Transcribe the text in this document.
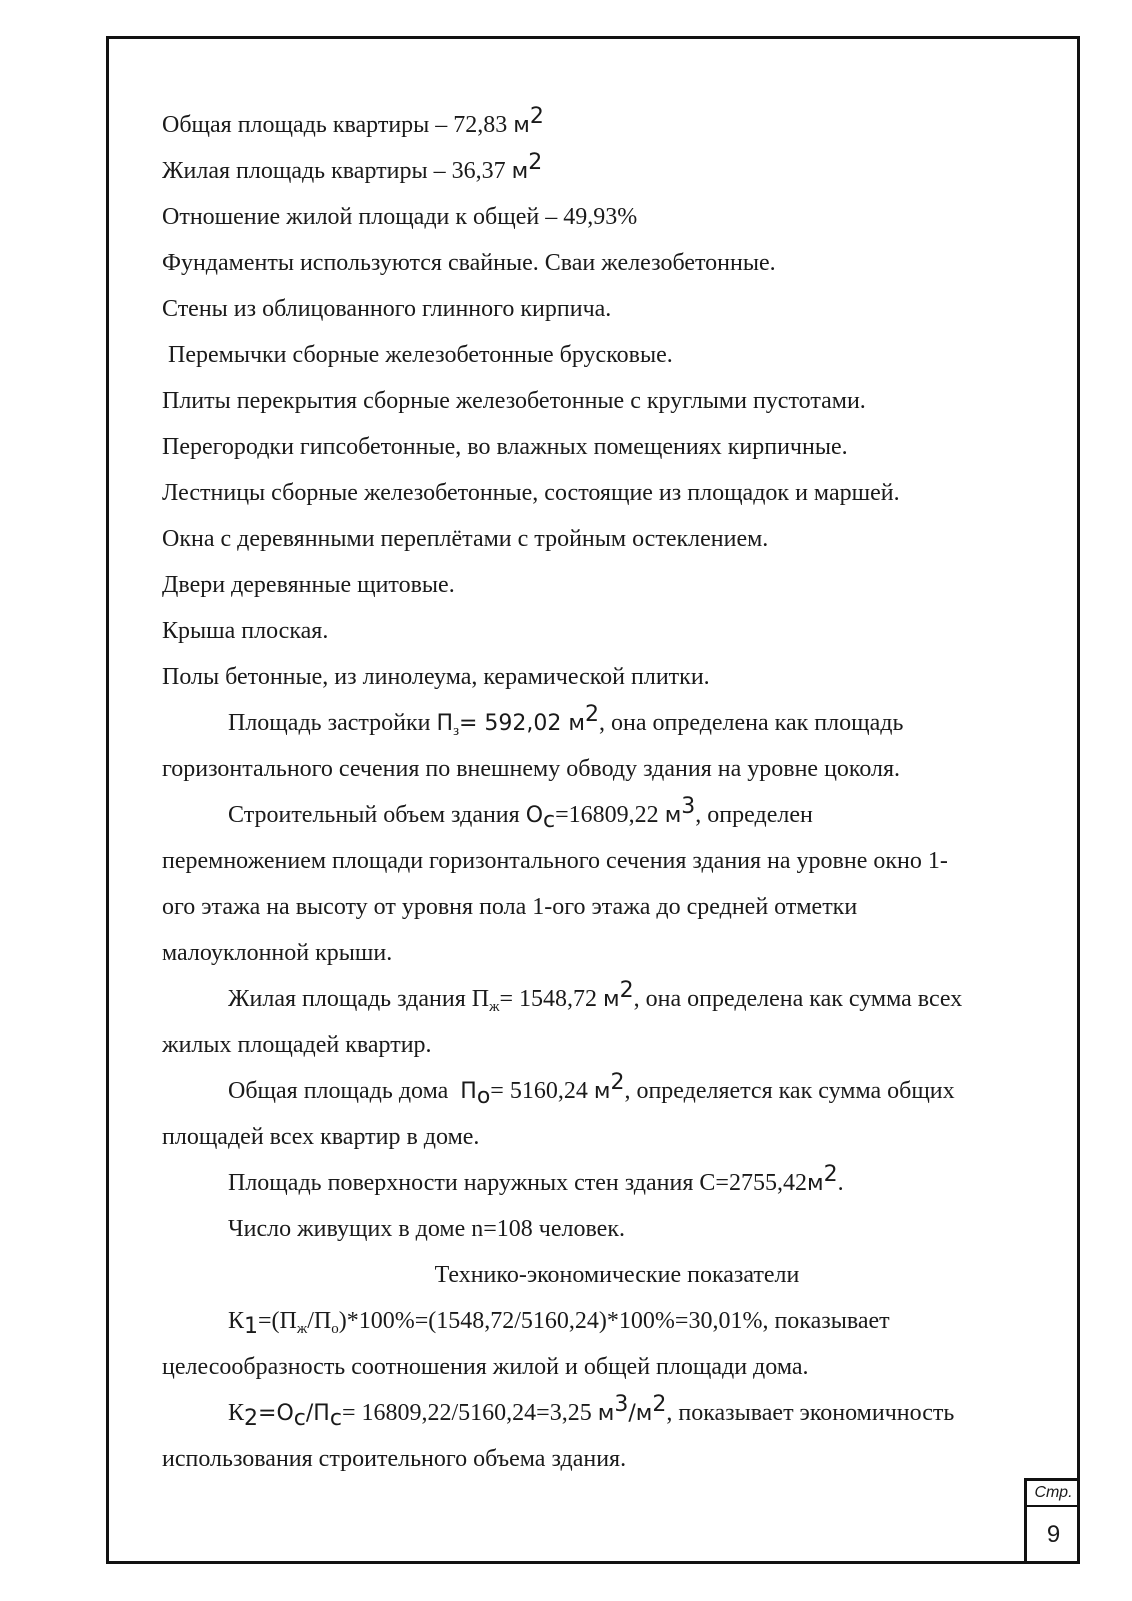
Общая площадь квартиры – 72,83 $м^2$
Жилая площадь квартиры – 36,37 $м^2$
Отношение жилой площади к общей – 49,93%
Фундаменты используются свайные. Сваи железобетонные.
Стены из облицованного глинного кирпича.
Перемычки сборные железобетонные брусковые.
Плиты перекрытия сборные железобетонные с круглыми пустотами.
Перегородки гипсобетонные, во влажных помещениях кирпичные.
Лестницы сборные железобетонные, состоящие из площадок и маршей.
Окна с деревянными переплётами с тройным остеклением.
Двери деревянные щитовые.
Крыша плоская.
Полы бетонные, из линолеума, керамической плитки.
Площадь застройки $П_з= 592,02$ $м^2$, она определена как площадь
горизонтального сечения по внешнему обводу здания на уровне цоколя.
Строительный объем здания $О_с=16809,22$ $м^3$, определен
перемножением площади горизонтального сечения здания на уровне окно 1-
ого этажа на высоту от уровня пола 1-ого этажа до средней отметки
малоуклонной крыши.
Жилая площадь здания $П_ж= 1548,72$ $м^2$, она определена как сумма всех
жилых площадей квартир.
Общая площадь дома  $П_о= 5160,24$ $м^2$, определяется как сумма общих
площадей всех квартир в доме.
Площадь поверхности наружных стен здания $С=2755,42м^2$.
Число живущих в доме n=108 человек.
Технико-экономические показатели
$К_1=(П_ж/П_о)*100\%=(1548,72/5160,24)*100\%=30,01\%$, показывает
целесообразность соотношения жилой и общей площади дома.
$К_2=О_с/П_с= 16809,22/5160,24=3,25$ $м^3/м^2$, показывает экономичность
использования строительного объема здания.
Стр.
9
